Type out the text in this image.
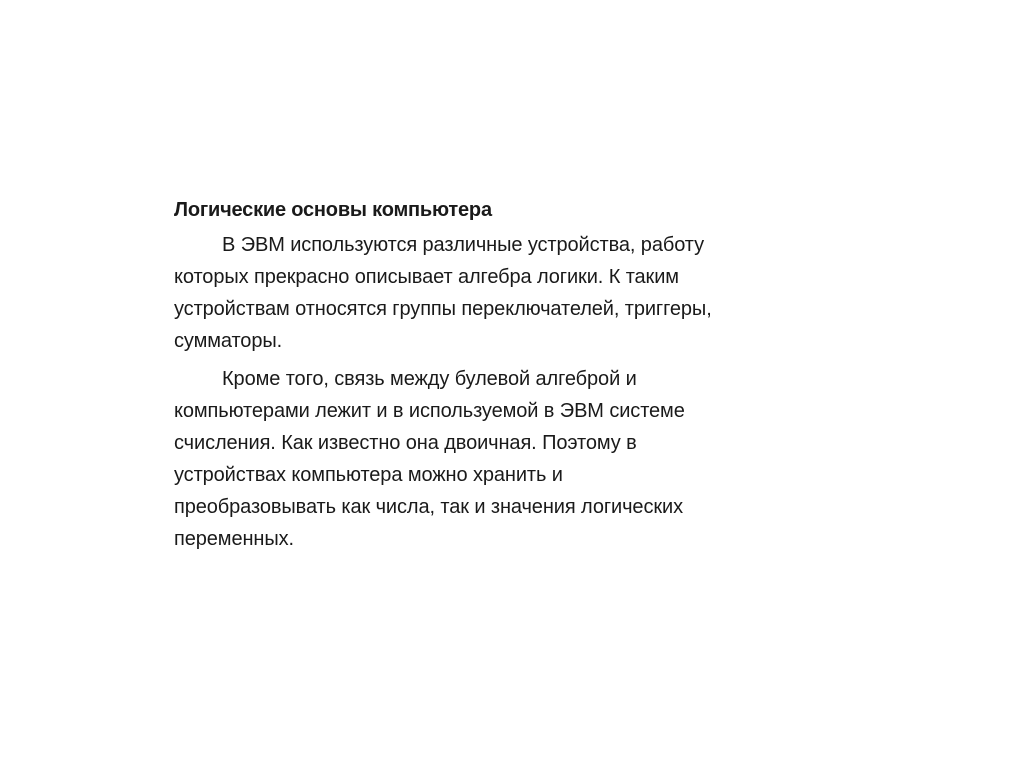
Логические основы компьютера

В ЭВМ используются различные устройства, работу
которых прекрасно описывает алгебра логики. К таким
устройствам относятся группы переключателей, триггеры,
сумматоры.

Кроме того, связь между булевой алгеброй и
компьютерами лежит и в используемой в ЭВМ системе
счисления. Как известно она двоичная. Поэтому в
устройствах компьютера можно хранить и
преобразовывать как числа, так и значения логических
переменных.
